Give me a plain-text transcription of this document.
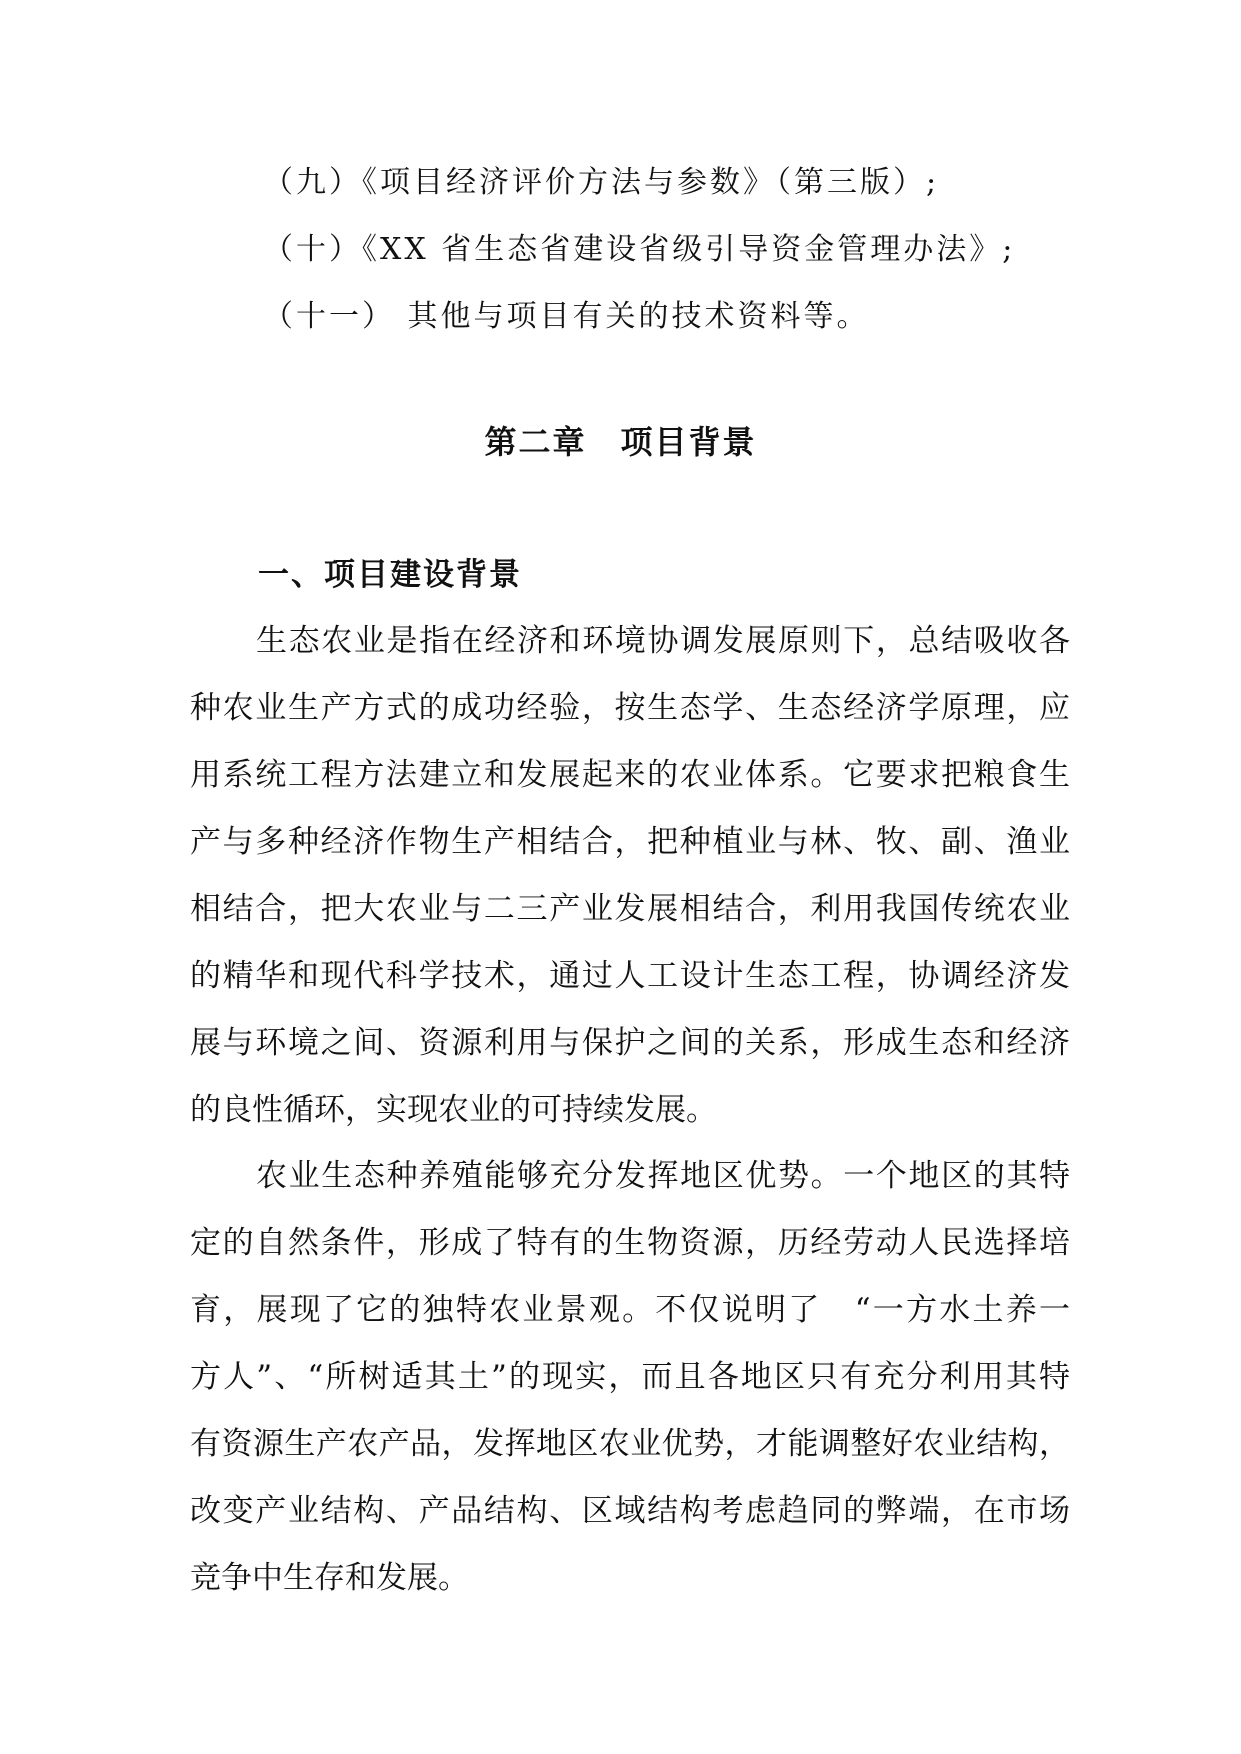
（九）《项目经济评价方法与参数》（第三版）;
（十）《XX 省生态省建设省级引导资金管理办法》;
（十一） 其他与项目有关的技术资料等。
第二章　项目背景
一、项目建设背景
生态农业是指在经济和环境协调发展原则下，总结吸收各
种农业生产方式的成功经验，按生态学、生态经济学原理，应
用系统工程方法建立和发展起来的农业体系。它要求把粮食生
产与多种经济作物生产相结合，把种植业与林、牧、副、渔业
相结合，把大农业与二三产业发展相结合，利用我国传统农业
的精华和现代科学技术，通过人工设计生态工程，协调经济发
展与环境之间、资源利用与保护之间的关系，形成生态和经济
的良性循环，实现农业的可持续发展。
农业生态种养殖能够充分发挥地区优势。一个地区的其特
定的自然条件，形成了特有的生物资源，历经劳动人民选择培
育，展现了它的独特农业景观。不仅说明了　“一方水土养一
方人”、“所树适其土”的现实，而且各地区只有充分利用其特
有资源生产农产品，发挥地区农业优势，才能调整好农业结构，
改变产业结构、产品结构、区域结构考虑趋同的弊端，在市场
竞争中生存和发展。
